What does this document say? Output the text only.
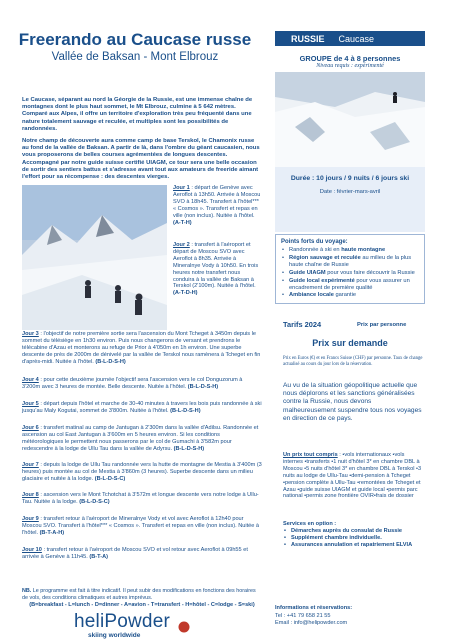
Freerando au Caucase russe
Vallée de Baksan - Mont Elbrouz

Le Caucase, séparant au nord la Géorgie de la Russie, est une immense chaîne de montagnes dont le plus haut sommet, le Mt Elbrouz, culmine à 5 642 mètres. Comparé aux Alpes, il offre un territoire d'exploration très peu fréquenté dans une nature totalement sauvage et reculée, et multiples sont les possibilités de randonnées.

Notre champ de découverte aura comme camp de base Terskol, le Chamonix russe au fond de la vallée de Baksan. A partir de là, dans l'ombre du géant caucasien, nous vous proposerons de belles courses agrémentées de longues descentes. Accompagné par notre guide suisse certifié UIAGM, ce tour sera une belle occasion de sortir des sentiers battus et s'adresse avant tout aux amateurs de freeride aimant l'effort pour sa récompense : des descentes vierges.

Jour 1 : départ de Genève avec Aeroflot à 13h50. Arrivée à Moscou SVO à 18h45. Transfert à l'hôtel*** « Cosmos ». Transfert et repas en ville (non inclus). Nuitée à l'hôtel. (A-T-H)
Jour 2 : transfert à l'aéroport et départ de Moscou SVO avec Aeroflot à 8h35. Arrivée à Mineralnye Vody à 10h50. En trois heures notre transfert nous conduira à la vallée de Baksan à Terskol (2'100m). Nuitée à l'hôtel. (A-T-D-H)
Jour 3 : l'objectif de notre première sortie sera l'ascension du Mont Tcheget à 3450m depuis le sommet du télésiège en 1h30 environ. Puis nous changerons de versant et prendrons le télécabine d'Azau et monterons au refuge de Prior à 4'050m en 1h environ. Une superbe descente de près de 2000m de dénivelé par la vallée de Terskol nous ramènera à Tcheget en fin d'après-midi. Nuitée à l'hôtel. (B-L-D-S-H)
Jour 4 : pour cette deuxième journée l'objectif sera l'ascension vers le col Donguzorum à 3'200m avec 3 heures de montée. Belle descente. Nuitée à l'hôtel. (B-L-D-S-H)
Jour 5 : départ depuis l'hôtel et marche de 30-40 minutes à travers les bois puis randonnée à ski jusqu'au Maly Kogutai, sommet de 3'800m. Nuitée à l'hôtel. (B-L-D-S-H)
Jour 6 : transfert matinal au camp de Jantugan à 2'300m dans la vallée d'Adilsu. Randonnée et ascension au col East Jantugan à 3'600m en 5 heures environ. Si les conditions météorologiques le permettent nous passerons par le col de Gumachi à 3'582m pour redescendre à la lodge de Ullu Tau dans la vallée de Adyrsu. (B-L-D-S-H)
Jour 7 : depuis la lodge de Ullu Tau randonnée vers la hutte de montagne de Mestia à 3'400m (3 heures) puis montée au col de Mestia à 3'860m (3 heures). Superbe descente dans un milieu glaciaire et nuitée à la lodge. (B-L-D-S-C)
Jour 8 : ascension vers le Mont Tchotchat à 3'572m et longue descente vers notre lodge à Ullu-Tau. Nuitée à la lodge. (B-L-D-S-C)
Jour 9 : transfert retour à l'aéroport de Mineralnye Vody et vol avec Aeroflot à 12h40 pour Moscou SVO. Transfert à l'hôtel*** « Cosmos ». Transfert et repas en ville (non inclus). Nuitée à l'hôtel. (B-T-A-H)
Jour 10 : transfert retour à l'aéroport de Moscou SVO et vol retour avec Aeroflot à 09h55 et arrivée à Genève à 11h45. (B-T-A)
NB. Le programme est fait à titre indicatif. Il peut subir des modifications en fonctions des horaires de vols, des conditions climatiques et autres imprévus.
(B=breakfast - L=lunch - D=dinner - A=avion - T=transfert - H=hôtel - C=lodge - S=ski)
heliPowder
skiing worldwide
RUSSIE Caucase
GROUPE de 4 à 8 personnes
Niveau requis : expérimenté
Durée : 10 jours / 9 nuits / 6 jours ski
Date : février-mars-avril
Points forts du voyage:
• Randonnée à ski en haute montagne
• Région sauvage et reculée au milieu de la plus haute chaîne de Russie
• Guide UIAGM pour vous faire découvrir la Russie
• Guide local expérimenté pour vous assurer un encadrement de première qualité
• Ambiance locale garantie
Tarifs 2024	Prix par personne
Prix sur demande
Prix en Euros (€) et en Francs Suisse (CHF) par personne. Taux de change actualisé au cours du jour lors de la réservation.
Au vu de la situation géopolitique actuelle que nous déplorons et les sanctions généralisées contre la Russie, nous devons malheureusement suspendre tous nos voyages en direction de ce pays.
Un prix tout compris : •vols internationaux •vols internes •transferts •1 nuit d'hôtel 3* en chambre DBL à Moscou •5 nuits d'hôtel 3* en chambre DBL à Terskol •3 nuits au lodge de Ullu-Tau •demi-pension à Tcheget •pension complète à Ullu-Tau •remontées de Tcheget et Azau •guide suisse UIAGM et guide local •permis parc national •permis zone frontière OVIR•frais de dossier
Services en option :
• Démarches auprès du consulat de Russie
• Supplément chambre individuelle.
• Assurances annulation et rapatriement ELVIA
Informations et réservations:
Tel : +41 79 658 21 55
Email : info@helipowder.com
